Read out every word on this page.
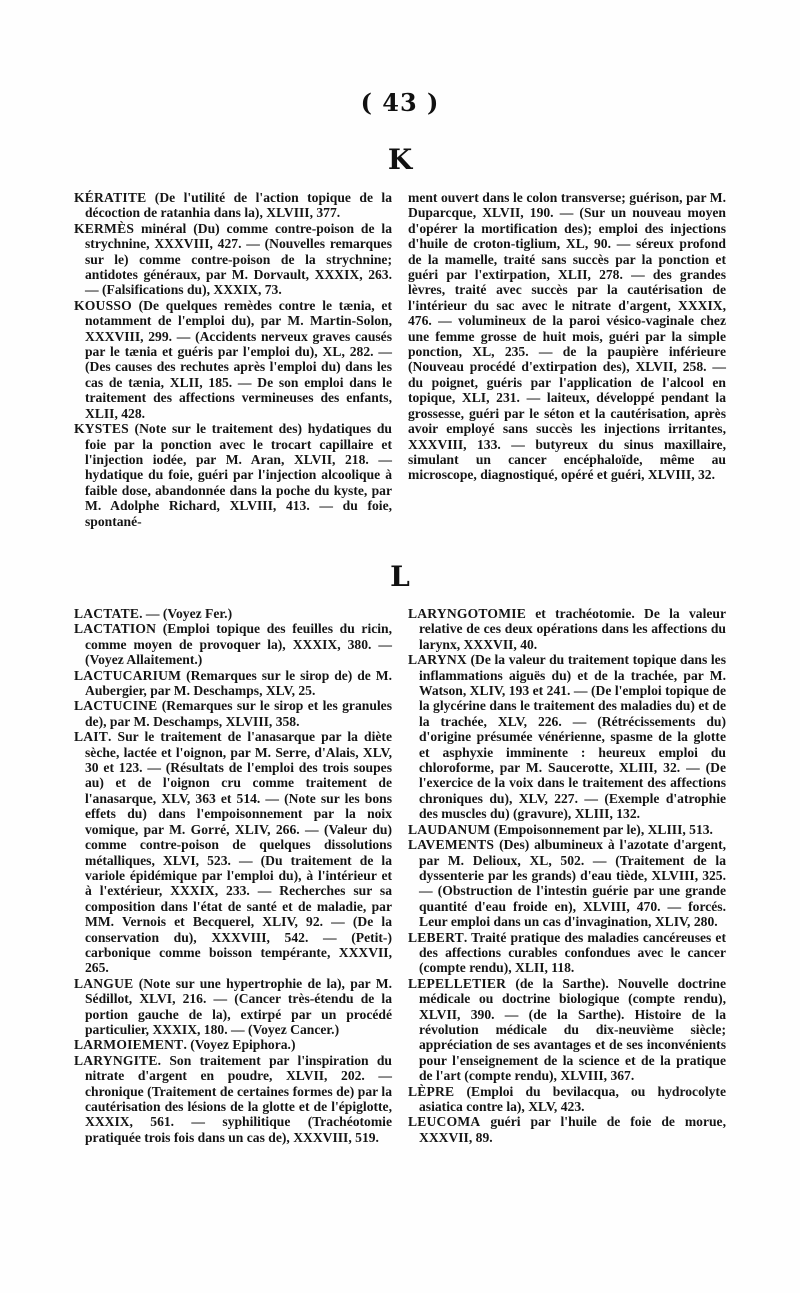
( 43 )
K
KÉRATITE (De l'utilité de l'action topique de la décoction de ratanhia dans la), XLVIII, 377.
KERMÈS minéral (Du) comme contre-poison de la strychnine, XXXVIII, 427. — (Nouvelles remarques sur le) comme contre-poison de la strychnine; antidotes généraux, par M. Dorvault, XXXIX, 263. — (Falsifications du), XXXIX, 73.
KOUSSO (De quelques remèdes contre le tænia, et notamment de l'emploi du), par M. Martin-Solon, XXXVIII, 299. — (Accidents nerveux graves causés par le tænia et guéris par l'emploi du), XL, 282. — (Des causes des rechutes après l'emploi du) dans les cas de tænia, XLII, 185. — De son emploi dans le traitement des affections vermineuses des enfants, XLII, 428.
KYSTES (Note sur le traitement des) hydatiques du foie par la ponction avec le trocart capillaire et l'injection iodée, par M. Aran, XLVII, 218. — hydatique du foie, guéri par l'injection alcoolique à faible dose, abandonnée dans la poche du kyste, par M. Adolphe Richard, XLVIII, 413. — du foie, spontané-
ment ouvert dans le colon transverse; guérison, par M. Duparcque, XLVII, 190. — (Sur un nouveau moyen d'opérer la mortification des); emploi des injections d'huile de croton-tiglium, XL, 90. — séreux profond de la mamelle, traité sans succès par la ponction et guéri par l'extirpation, XLII, 278. — des grandes lèvres, traité avec succès par la cautérisation de l'intérieur du sac avec le nitrate d'argent, XXXIX, 476. — volumineux de la paroi vésico-vaginale chez une femme grosse de huit mois, guéri par la simple ponction, XL, 235. — de la paupière inférieure (Nouveau procédé d'extirpation des), XLVII, 258. — du poignet, guéris par l'application de l'alcool en topique, XLI, 231. — laiteux, développé pendant la grossesse, guéri par le séton et la cautérisation, après avoir employé sans succès les injections irritantes, XXXVIII, 133. — butyreux du sinus maxillaire, simulant un cancer encéphaloïde, même au microscope, diagnostiqué, opéré et guéri, XLVIII, 32.
L
LACTATE. — (Voyez Fer.)
LACTATION (Emploi topique des feuilles du ricin, comme moyen de provoquer la), XXXIX, 380. — (Voyez Allaitement.)
LACTUCARIUM (Remarques sur le sirop de) de M. Aubergier, par M. Deschamps, XLV, 25.
LACTUCINE (Remarques sur le sirop et les granules de), par M. Deschamps, XLVIII, 358.
LAIT. Sur le traitement de l'anasarque par la diète sèche, lactée et l'oignon, par M. Serre, d'Alais, XLV, 30 et 123. — (Résultats de l'emploi des trois soupes au) et de l'oignon cru comme traitement de l'anasarque, XLV, 363 et 514. — (Note sur les bons effets du) dans l'empoisonnement par la noix vomique, par M. Gorré, XLIV, 266. — (Valeur du) comme contre-poison de quelques dissolutions métalliques, XLVI, 523. — (Du traitement de la variole épidémique par l'emploi du), à l'intérieur et à l'extérieur, XXXIX, 233. — Recherches sur sa composition dans l'état de santé et de maladie, par MM. Vernois et Becquerel, XLIV, 92. — (De la conservation du), XXXVIII, 542. — (Petit-) carbonique comme boisson tempérante, XXXVII, 265.
LANGUE (Note sur une hypertrophie de la), par M. Sédillot, XLVI, 216. — (Cancer très-étendu de la portion gauche de la), extirpé par un procédé particulier, XXXIX, 180. — (Voyez Cancer.)
LARMOIEMENT. (Voyez Epiphora.)
LARYNGITE. Son traitement par l'inspiration du nitrate d'argent en poudre, XLVII, 202. — chronique (Traitement de certaines formes de) par la cautérisation des lésions de la glotte et de l'épiglotte, XXXIX, 561. — syphilitique (Trachéotomie pratiquée trois fois dans un cas de), XXXVIII, 519.
LARYNGOTOMIE et trachéotomie. De la valeur relative de ces deux opérations dans les affections du larynx, XXXVII, 40.
LARYNX (De la valeur du traitement topique dans les inflammations aiguës du) et de la trachée, par M. Watson, XLIV, 193 et 241. — (De l'emploi topique de la glycérine dans le traitement des maladies du) et de la trachée, XLV, 226. — (Rétrécissements du) d'origine présumée vénérienne, spasme de la glotte et asphyxie imminente : heureux emploi du chloroforme, par M. Saucerotte, XLIII, 32. — (De l'exercice de la voix dans le traitement des affections chroniques du), XLV, 227. — (Exemple d'atrophie des muscles du) (gravure), XLIII, 132.
LAUDANUM (Empoisonnement par le), XLIII, 513.
LAVEMENTS (Des) albumineux à l'azotate d'argent, par M. Delioux, XL, 502. — (Traitement de la dyssenterie par les grands) d'eau tiède, XLVIII, 325. — (Obstruction de l'intestin guérie par une grande quantité d'eau froide en), XLVIII, 470. — forcés. Leur emploi dans un cas d'invagination, XLIV, 280.
LEBERT. Traité pratique des maladies cancéreuses et des affections curables confondues avec le cancer (compte rendu), XLII, 118.
LEPELLETIER (de la Sarthe). Nouvelle doctrine médicale ou doctrine biologique (compte rendu), XLVII, 390. — (de la Sarthe). Histoire de la révolution médicale du dix-neuvième siècle; appréciation de ses avantages et de ses inconvénients pour l'enseignement de la science et de la pratique de l'art (compte rendu), XLVIII, 367.
LÈPRE (Emploi du bevilacqua, ou hydrocolyte asiatica contre la), XLV, 423.
LEUCOMA guéri par l'huile de foie de morue, XXXVII, 89.
